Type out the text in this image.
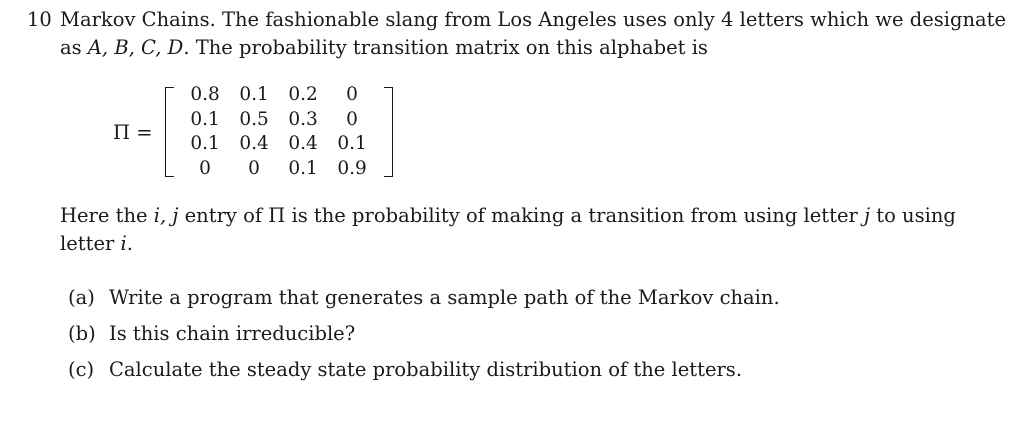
10 Markov Chains. The fashionable slang from Los Angeles uses only 4 letters which we designate
as A, B, C, D. The probability transition matrix on this alphabet is
Π =
0.8	0.1	0.2	0
0.1	0.5	0.3	0
0.1	0.4	0.4	0.1
0	0	0.1	0.9
Here the i, j entry of Π is the probability of making a transition from using letter j to using
letter i.
(a) Write a program that generates a sample path of the Markov chain.
(b) Is this chain irreducible?
(c) Calculate the steady state probability distribution of the letters.
